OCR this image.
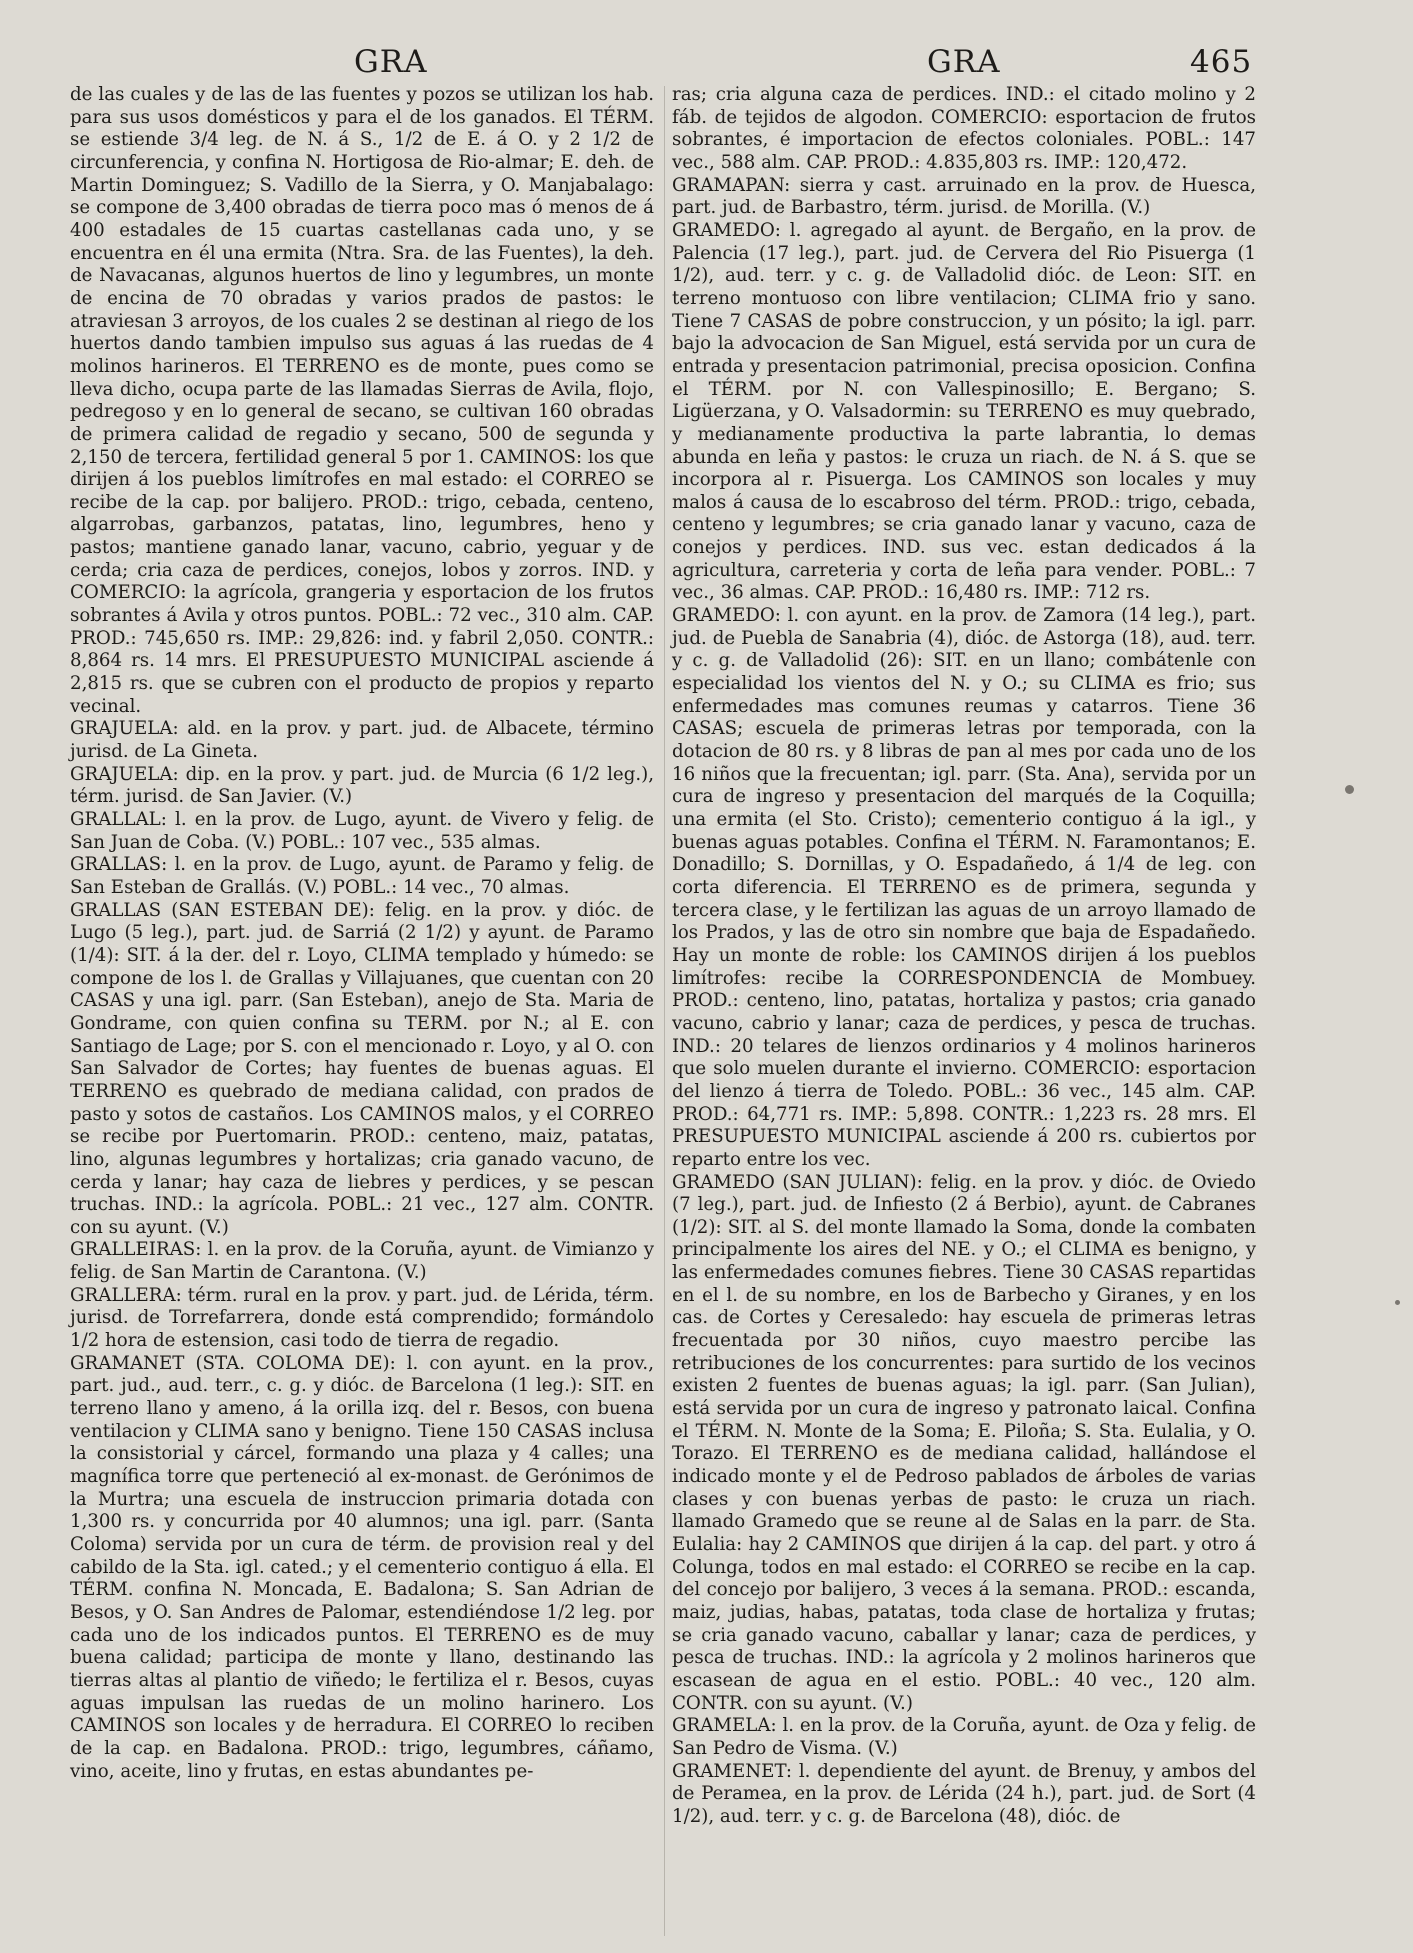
GRA	GRA	465

de las cuales y de las de las fuentes y pozos se utilizan los hab. para sus usos domésticos y para el de los ganados. El TÉRM. se estiende 3/4 leg. de N. á S., 1/2 de E. á O. y 2 1/2 de circunferencia, y confina N. Hortigosa de Rio-almar; E. deh. de Martin Dominguez; S. Vadillo de la Sierra, y O. Manjabalago: se compone de 3,400 obradas de tierra poco mas ó menos de á 400 estadales de 15 cuartas castellanas cada uno, y se encuentra en él una ermita (Ntra. Sra. de las Fuentes), la deh. de Navacanas, algunos huertos de lino y legumbres, un monte de encina de 70 obradas y varios prados de pastos: le atraviesan 3 arroyos, de los cuales 2 se destinan al riego de los huertos dando tambien impulso sus aguas á las ruedas de 4 molinos harineros. El TERRENO es de monte, pues como se lleva dicho, ocupa parte de las llamadas Sierras de Avila, flojo, pedregoso y en lo general de secano, se cultivan 160 obradas de primera calidad de regadio y secano, 500 de segunda y 2,150 de tercera, fertilidad general 5 por 1. CAMINOS: los que dirijen á los pueblos limítrofes en mal estado: el CORREO se recibe de la cap. por balijero. PROD.: trigo, cebada, centeno, algarrobas, garbanzos, patatas, lino, legumbres, heno y pastos; mantiene ganado lanar, vacuno, cabrio, yeguar y de cerda; cria caza de perdices, conejos, lobos y zorros. IND. y COMERCIO: la agrícola, grangeria y esportacion de los frutos sobrantes á Avila y otros puntos. POBL.: 72 vec., 310 alm. CAP. PROD.: 745,650 rs. IMP.: 29,826: ind. y fabril 2,050. CONTR.: 8,864 rs. 14 mrs. El PRESUPUESTO MUNICIPAL asciende á 2,815 rs. que se cubren con el producto de propios y reparto vecinal.

GRAJUELA: ald. en la prov. y part. jud. de Albacete, término jurisd. de La Gineta.

GRAJUELA: dip. en la prov. y part. jud. de Murcia (6 1/2 leg.), térm. jurisd. de San Javier. (V.)

GRALLAL: l. en la prov. de Lugo, ayunt. de Vivero y felig. de San Juan de Coba. (V.) POBL.: 107 vec., 535 almas.

GRALLAS: l. en la prov. de Lugo, ayunt. de Paramo y felig. de San Esteban de Grallás. (V.) POBL.: 14 vec., 70 almas.

GRALLAS (SAN ESTEBAN DE): felig. en la prov. y dióc. de Lugo (5 leg.), part. jud. de Sarriá (2 1/2) y ayunt. de Paramo (1/4): SIT. á la der. del r. Loyo, CLIMA templado y húmedo: se compone de los l. de Grallas y Villajuanes, que cuentan con 20 CASAS y una igl. parr. (San Esteban), anejo de Sta. Maria de Gondrame, con quien confina su TERM. por N.; al E. con Santiago de Lage; por S. con el mencionado r. Loyo, y al O. con San Salvador de Cortes; hay fuentes de buenas aguas. El TERRENO es quebrado de mediana calidad, con prados de pasto y sotos de castaños. Los CAMINOS malos, y el CORREO se recibe por Puertomarin. PROD.: centeno, maiz, patatas, lino, algunas legumbres y hortalizas; cria ganado vacuno, de cerda y lanar; hay caza de liebres y perdices, y se pescan truchas. IND.: la agrícola. POBL.: 21 vec., 127 alm. CONTR. con su ayunt. (V.)

GRALLEIRAS: l. en la prov. de la Coruña, ayunt. de Vimianzo y felig. de San Martin de Carantona. (V.)

GRALLERA: térm. rural en la prov. y part. jud. de Lérida, térm. jurisd. de Torrefarrera, donde está comprendido; formándolo 1/2 hora de estension, casi todo de tierra de regadio.

GRAMANET (STA. COLOMA DE): l. con ayunt. en la prov., part. jud., aud. terr., c. g. y dióc. de Barcelona (1 leg.): SIT. en terreno llano y ameno, á la orilla izq. del r. Besos, con buena ventilacion y CLIMA sano y benigno. Tiene 150 CASAS inclusa la consistorial y cárcel, formando una plaza y 4 calles; una magnífica torre que perteneció al ex-monast. de Gerónimos de la Murtra; una escuela de instruccion primaria dotada con 1,300 rs. y concurrida por 40 alumnos; una igl. parr. (Santa Coloma) servida por un cura de térm. de provision real y del cabildo de la Sta. igl. cated.; y el cementerio contiguo á ella. El TÉRM. confina N. Moncada, E. Badalona; S. San Adrian de Besos, y O. San Andres de Palomar, estendiéndose 1/2 leg. por cada uno de los indicados puntos. El TERRENO es de muy buena calidad; participa de monte y llano, destinando las tierras altas al plantio de viñedo; le fertiliza el r. Besos, cuyas aguas impulsan las ruedas de un molino harinero. Los CAMINOS son locales y de herradura. El CORREO lo reciben de la cap. en Badalona. PROD.: trigo, legumbres, cáñamo, vino, aceite, lino y frutas, en estas abundantes pe-

ras; cria alguna caza de perdices. IND.: el citado molino y 2 fáb. de tejidos de algodon. COMERCIO: esportacion de frutos sobrantes, é importacion de efectos coloniales. POBL.: 147 vec., 588 alm. CAP. PROD.: 4.835,803 rs. IMP.: 120,472.

GRAMAPAN: sierra y cast. arruinado en la prov. de Huesca, part. jud. de Barbastro, térm. jurisd. de Morilla. (V.)

GRAMEDO: l. agregado al ayunt. de Bergaño, en la prov. de Palencia (17 leg.), part. jud. de Cervera del Rio Pisuerga (1 1/2), aud. terr. y c. g. de Valladolid dióc. de Leon: SIT. en terreno montuoso con libre ventilacion; CLIMA frio y sano. Tiene 7 CASAS de pobre construccion, y un pósito; la igl. parr. bajo la advocacion de San Miguel, está servida por un cura de entrada y presentacion patrimonial, precisa oposicion. Confina el TÉRM. por N. con Vallespinosillo; E. Bergano; S. Ligüerzana, y O. Valsadormin: su TERRENO es muy quebrado, y medianamente productiva la parte labrantia, lo demas abunda en leña y pastos: le cruza un riach. de N. á S. que se incorpora al r. Pisuerga. Los CAMINOS son locales y muy malos á causa de lo escabroso del térm. PROD.: trigo, cebada, centeno y legumbres; se cria ganado lanar y vacuno, caza de conejos y perdices. IND. sus vec. estan dedicados á la agricultura, carreteria y corta de leña para vender. POBL.: 7 vec., 36 almas. CAP. PROD.: 16,480 rs. IMP.: 712 rs.

GRAMEDO: l. con ayunt. en la prov. de Zamora (14 leg.), part. jud. de Puebla de Sanabria (4), dióc. de Astorga (18), aud. terr. y c. g. de Valladolid (26): SIT. en un llano; combátenle con especialidad los vientos del N. y O.; su CLIMA es frio; sus enfermedades mas comunes reumas y catarros. Tiene 36 CASAS; escuela de primeras letras por temporada, con la dotacion de 80 rs. y 8 libras de pan al mes por cada uno de los 16 niños que la frecuentan; igl. parr. (Sta. Ana), servida por un cura de ingreso y presentacion del marqués de la Coquilla; una ermita (el Sto. Cristo); cementerio contiguo á la igl., y buenas aguas potables. Confina el TÉRM. N. Faramontanos; E. Donadillo; S. Dornillas, y O. Espadañedo, á 1/4 de leg. con corta diferencia. El TERRENO es de primera, segunda y tercera clase, y le fertilizan las aguas de un arroyo llamado de los Prados, y las de otro sin nombre que baja de Espadañedo. Hay un monte de roble: los CAMINOS dirijen á los pueblos limítrofes: recibe la CORRESPONDENCIA de Mombuey. PROD.: centeno, lino, patatas, hortaliza y pastos; cria ganado vacuno, cabrio y lanar; caza de perdices, y pesca de truchas. IND.: 20 telares de lienzos ordinarios y 4 molinos harineros que solo muelen durante el invierno. COMERCIO: esportacion del lienzo á tierra de Toledo. POBL.: 36 vec., 145 alm. CAP. PROD.: 64,771 rs. IMP.: 5,898. CONTR.: 1,223 rs. 28 mrs. El PRESUPUESTO MUNICIPAL asciende á 200 rs. cubiertos por reparto entre los vec.

GRAMEDO (SAN JULIAN): felig. en la prov. y dióc. de Oviedo (7 leg.), part. jud. de Infiesto (2 á Berbio), ayunt. de Cabranes (1/2): SIT. al S. del monte llamado la Soma, donde la combaten principalmente los aires del NE. y O.; el CLIMA es benigno, y las enfermedades comunes fiebres. Tiene 30 CASAS repartidas en el l. de su nombre, en los de Barbecho y Giranes, y en los cas. de Cortes y Ceresaledo: hay escuela de primeras letras frecuentada por 30 niños, cuyo maestro percibe las retribuciones de los concurrentes: para surtido de los vecinos existen 2 fuentes de buenas aguas; la igl. parr. (San Julian), está servida por un cura de ingreso y patronato laical. Confina el TÉRM. N. Monte de la Soma; E. Piloña; S. Sta. Eulalia, y O. Torazo. El TERRENO es de mediana calidad, hallándose el indicado monte y el de Pedroso pablados de árboles de varias clases y con buenas yerbas de pasto: le cruza un riach. llamado Gramedo que se reune al de Salas en la parr. de Sta. Eulalia: hay 2 CAMINOS que dirijen á la cap. del part. y otro á Colunga, todos en mal estado: el CORREO se recibe en la cap. del concejo por balijero, 3 veces á la semana. PROD.: escanda, maiz, judias, habas, patatas, toda clase de hortaliza y frutas; se cria ganado vacuno, caballar y lanar; caza de perdices, y pesca de truchas. IND.: la agrícola y 2 molinos harineros que escasean de agua en el estio. POBL.: 40 vec., 120 alm. CONTR. con su ayunt. (V.)

GRAMELA: l. en la prov. de la Coruña, ayunt. de Oza y felig. de San Pedro de Visma. (V.)

GRAMENET: l. dependiente del ayunt. de Brenuy, y ambos del de Peramea, en la prov. de Lérida (24 h.), part. jud. de Sort (4 1/2), aud. terr. y c. g. de Barcelona (48), dióc. de
